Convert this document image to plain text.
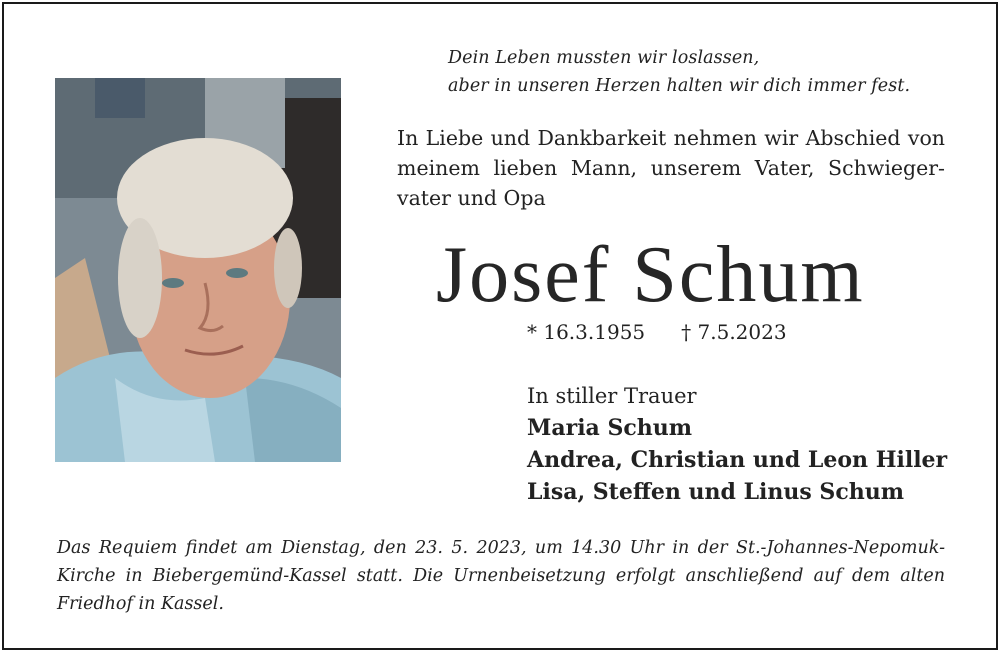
Dein Leben mussten wir loslassen,
aber in unseren Herzen halten wir dich immer fest.
In Liebe und Dankbarkeit nehmen wir Abschied von
meinem lieben Mann, unserem Vater, Schwieger-
vater und Opa
Josef Schum
* 16.3.1955 † 7.5.2023
In stiller Trauer
Maria Schum
Andrea, Christian und Leon Hiller
Lisa, Steffen und Linus Schum
Das Requiem findet am Dienstag, den 23. 5. 2023, um 14.30 Uhr in der St.-Johannes-Nepomuk-
Kirche in Biebergemünd-Kassel statt. Die Urnenbeisetzung erfolgt anschließend auf dem alten
Friedhof in Kassel.
